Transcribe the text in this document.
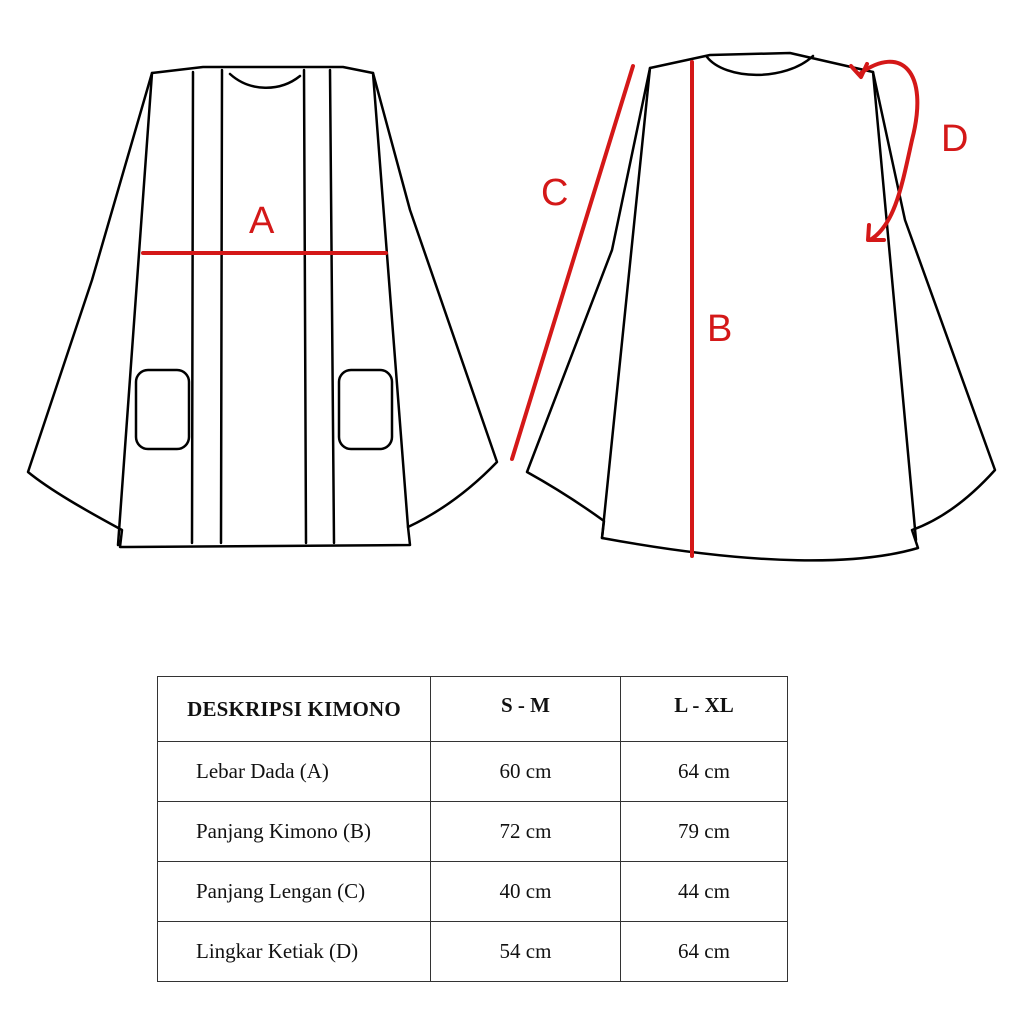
A
B
C
D
DESKRIPSI KIMONO	S - M	L - XL
Lebar Dada (A)	60 cm	64 cm
Panjang Kimono (B)	72 cm	79 cm
Panjang Lengan (C)	40 cm	44 cm
Lingkar Ketiak (D)	54 cm	64 cm
